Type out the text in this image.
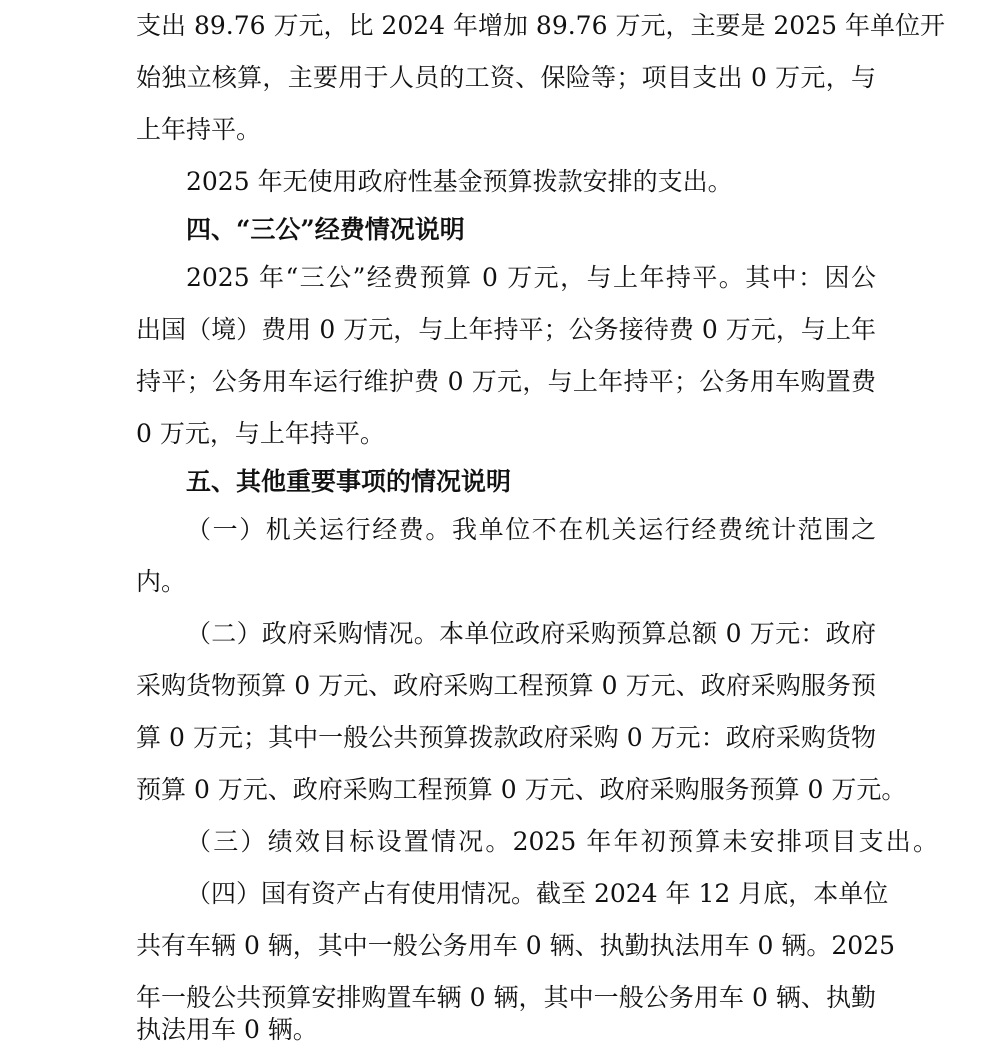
支出 89.76 万元，比 2024 年增加 89.76 万元，主要是 2025 年单位开
始独立核算，主要用于人员的工资、保险等；项目支出 0 万元，与
上年持平。
2025 年无使用政府性基金预算拨款安排的支出。
四、“三公”经费情况说明
2025 年“三公”经费预算 0 万元，与上年持平。其中：因公
出国（境）费用 0 万元，与上年持平；公务接待费 0 万元，与上年
持平；公务用车运行维护费 0 万元，与上年持平；公务用车购置费
0 万元，与上年持平。
五、其他重要事项的情况说明
（一）机关运行经费。我单位不在机关运行经费统计范围之
内。
（二）政府采购情况。本单位政府采购预算总额 0 万元：政府
采购货物预算 0 万元、政府采购工程预算 0 万元、政府采购服务预
算 0 万元；其中一般公共预算拨款政府采购 0 万元：政府采购货物
预算 0 万元、政府采购工程预算 0 万元、政府采购服务预算 0 万元。
（三）绩效目标设置情况。2025 年年初预算未安排项目支出。
（四）国有资产占有使用情况。截至 2024 年 12 月底，本单位
共有车辆 0 辆，其中一般公务用车 0 辆、执勤执法用车 0 辆。2025
年一般公共预算安排购置车辆 0 辆，其中一般公务用车 0 辆、执勤
执法用车 0 辆。
